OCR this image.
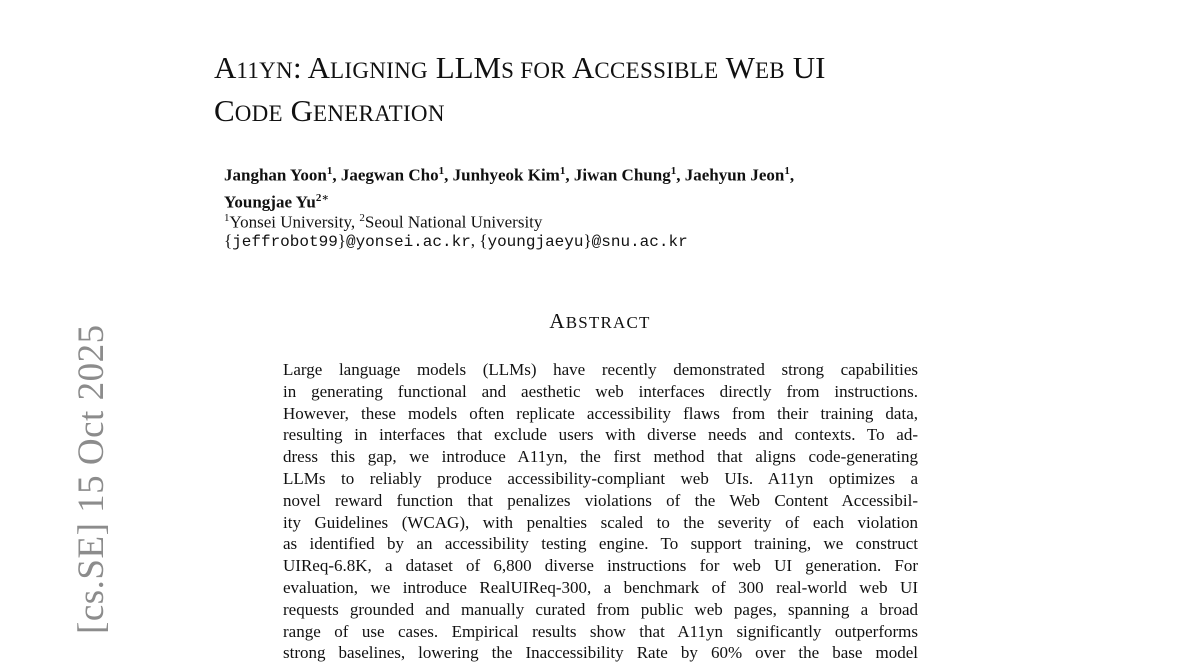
[cs.SE] 15 Oct 2025
A11YN: ALIGNING LLMS FOR ACCESSIBLE WEB UI
CODE GENERATION
Janghan Yoon$^1$, Jaegwan Cho$^1$, Junhyeok Kim$^1$, Jiwan Chung$^1$, Jaehyun Jeon$^1$,
Youngjae $Yu^{2∗}$
$^1$Yonsei University, $^2$Seoul National University
{jeffrobot99}@yonsei.ac.kr, {youngjaeyu}@snu.ac.kr
ABSTRACT
Large language models (LLMs) have recently demonstrated strong capabilities
in generating functional and aesthetic web interfaces directly from instructions.
However, these models often replicate accessibility flaws from their training data,
resulting in interfaces that exclude users with diverse needs and contexts. To ad-
dress this gap, we introduce A11yn, the first method that aligns code-generating
LLMs to reliably produce accessibility-compliant web UIs. A11yn optimizes a
novel reward function that penalizes violations of the Web Content Accessibil-
ity Guidelines (WCAG), with penalties scaled to the severity of each violation
as identified by an accessibility testing engine. To support training, we construct
UIReq-6.8K, a dataset of 6,800 diverse instructions for web UI generation. For
evaluation, we introduce RealUIReq-300, a benchmark of 300 real-world web UI
requests grounded and manually curated from public web pages, spanning a broad
range of use cases. Empirical results show that A11yn significantly outperforms
strong baselines, lowering the Inaccessibility Rate by 60% over the base model
